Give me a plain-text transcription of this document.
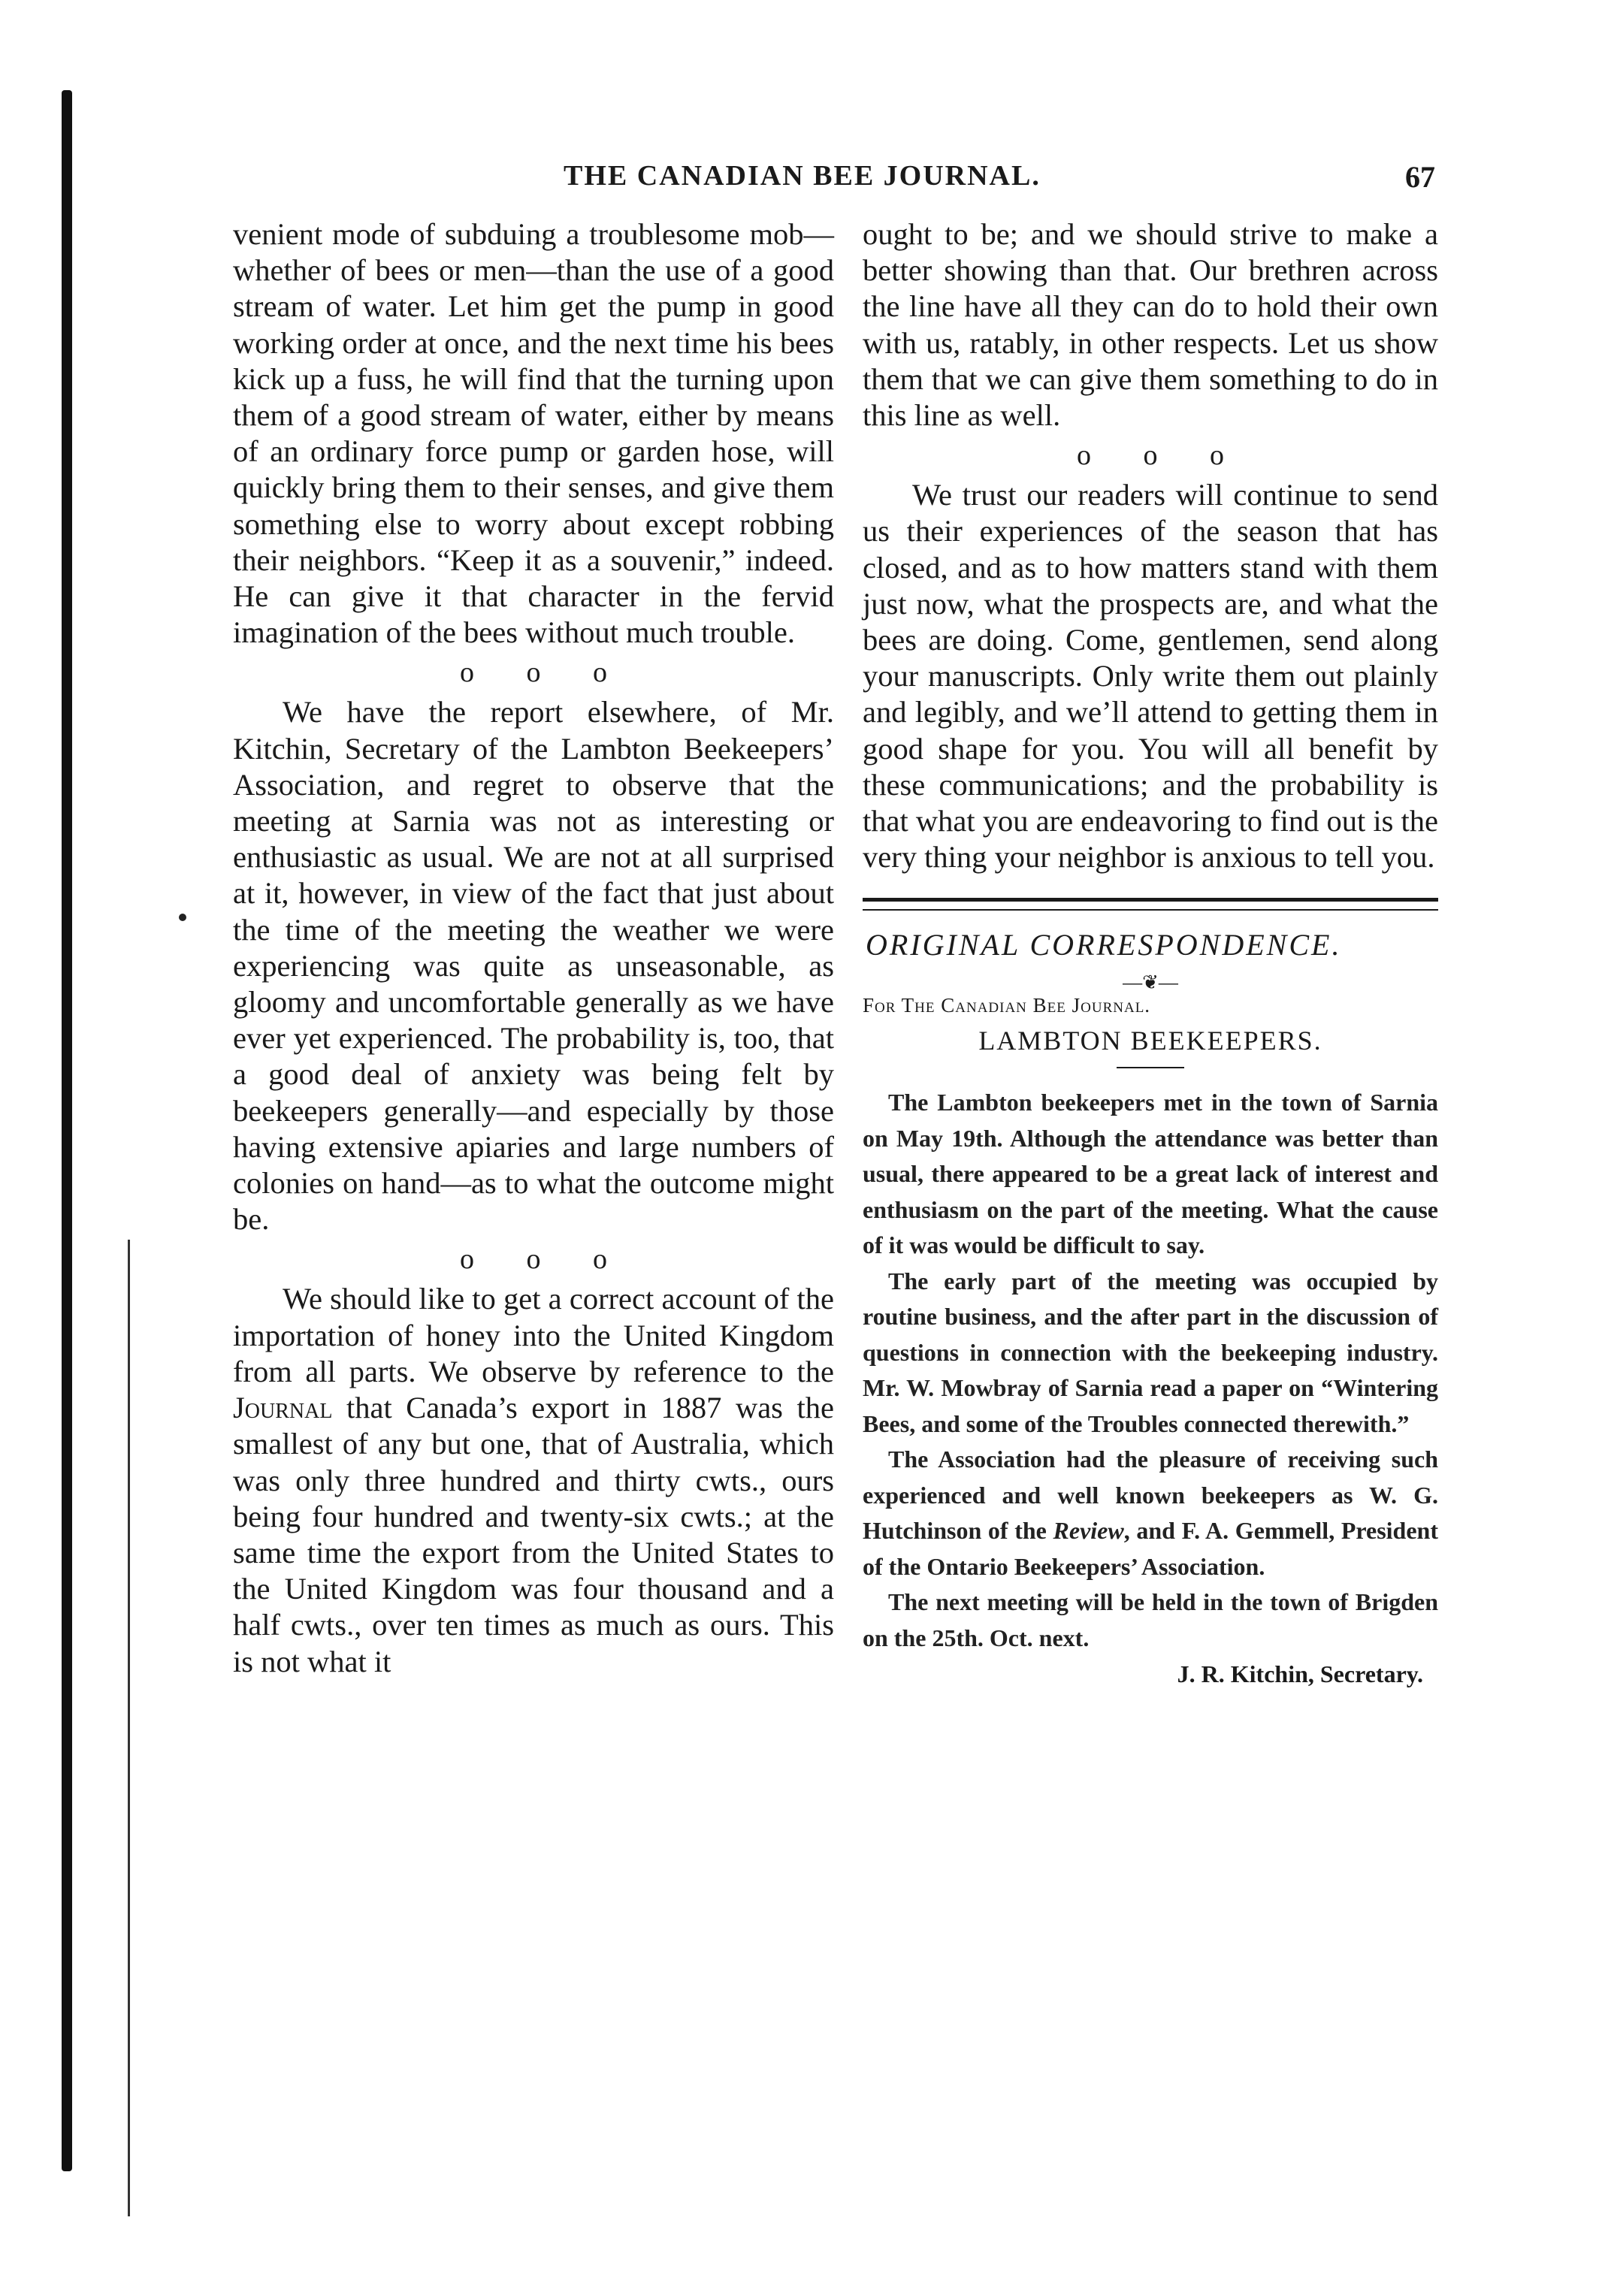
THE CANADIAN BEE JOURNAL.	67

venient mode of subduing a troublesome mob—whether of bees or men—than the use of a good stream of water. Let him get the pump in good working order at once, and the next time his bees kick up a fuss, he will find that the turning upon them of a good stream of water, either by means of an ordinary force pump or garden hose, will quickly bring them to their senses, and give them something else to worry about except robbing their neighbors. “Keep it as a souvenir,” indeed. He can give it that character in the fervid imagination of the bees without much trouble.

o o o

We have the report elsewhere, of Mr. Kitchin, Secretary of the Lambton Beekeepers’ Association, and regret to observe that the meeting at Sarnia was not as interesting or enthusiastic as usual. We are not at all surprised at it, however, in view of the fact that just about the time of the meeting the weather we were experiencing was quite as unseasonable, as gloomy and uncomfortable generally as we have ever yet experienced. The probability is, too, that a good deal of anxiety was being felt by beekeepers generally—and especially by those having extensive apiaries and large numbers of colonies on hand—as to what the outcome might be.

o o o

We should like to get a correct account of the importation of honey into the United Kingdom from all parts. We observe by reference to the Journal that Canada’s export in 1887 was the smallest of any but one, that of Australia, which was only three hundred and thirty cwts., ours being four hundred and twenty-six cwts.; at the same time the export from the United States to the United Kingdom was four thousand and a half cwts., over ten times as much as ours. This is not what it

ought to be; and we should strive to make a better showing than that. Our brethren across the line have all they can do to hold their own with us, ratably, in other respects. Let us show them that we can give them something to do in this line as well.

o o o

We trust our readers will continue to send us their experiences of the season that has closed, and as to how matters stand with them just now, what the prospects are, and what the bees are doing. Come, gentlemen, send along your manuscripts. Only write them out plainly and legibly, and we’ll attend to getting them in good shape for you. You will all benefit by these communications; and the probability is that what you are endeavoring to find out is the very thing your neighbor is anxious to tell you.

ORIGINAL CORRESPONDENCE.
—❦—
For The Canadian Bee Journal.
LAMBTON BEEKEEPERS.

The Lambton beekeepers met in the town of Sarnia on May 19th. Although the attendance was better than usual, there appeared to be a great lack of interest and enthusiasm on the part of the meeting. What the cause of it was would be difficult to say.

The early part of the meeting was occupied by routine business, and the after part in the discussion of questions in connection with the beekeeping industry. Mr. W. Mowbray of Sarnia read a paper on “Wintering Bees, and some of the Troubles connected therewith.”

The Association had the pleasure of receiving such experienced and well known beekeepers as W. G. Hutchinson of the Review, and F. A. Gemmell, President of the Ontario Beekeepers’ Association.

The next meeting will be held in the town of Brigden on the 25th. Oct. next.

J. R. Kitchin, Secretary.
